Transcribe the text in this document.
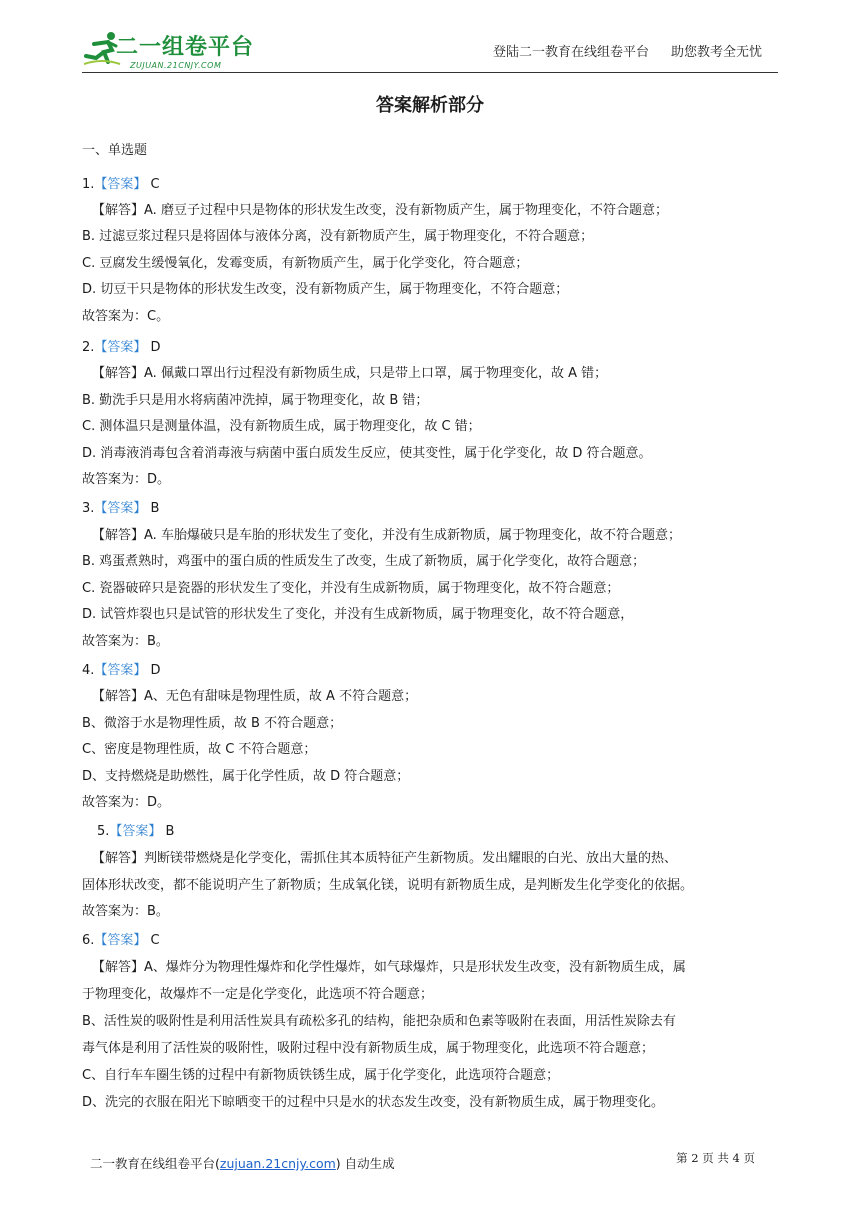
二一组卷平台
ZUJUAN.21CNJY.COM
登陆二一教育在线组卷平台 助您教考全无忧
答案解析部分
一、单选题
1.【答案】 C
【解答】A. 磨豆子过程中只是物体的形状发生改变，没有新物质产生，属于物理变化，不符合题意；
B. 过滤豆浆过程只是将固体与液体分离，没有新物质产生，属于物理变化，不符合题意；
C. 豆腐发生缓慢氧化，发霉变质，有新物质产生，属于化学变化，符合题意；
D. 切豆干只是物体的形状发生改变，没有新物质产生，属于物理变化，不符合题意；
故答案为：C。
2.【答案】 D
【解答】A. 佩戴口罩出行过程没有新物质生成，只是带上口罩，属于物理变化，故 A 错；
B. 勤洗手只是用水将病菌冲洗掉，属于物理变化，故 B 错；
C. 测体温只是测量体温，没有新物质生成，属于物理变化，故 C 错；
D. 消毒液消毒包含着消毒液与病菌中蛋白质发生反应，使其变性，属于化学变化，故 D 符合题意。
故答案为：D。
3.【答案】 B
【解答】A. 车胎爆破只是车胎的形状发生了变化，并没有生成新物质，属于物理变化，故不符合题意；
B. 鸡蛋煮熟时，鸡蛋中的蛋白质的性质发生了改变，生成了新物质，属于化学变化，故符合题意；
C. 瓷器破碎只是瓷器的形状发生了变化，并没有生成新物质，属于物理变化，故不符合题意；
D. 试管炸裂也只是试管的形状发生了变化，并没有生成新物质，属于物理变化，故不符合题意，
故答案为：B。
4.【答案】 D
【解答】A、无色有甜味是物理性质，故 A 不符合题意；
B、微溶于水是物理性质，故 B 不符合题意；
C、密度是物理性质，故 C 不符合题意；
D、支持燃烧是助燃性，属于化学性质，故 D 符合题意；
故答案为：D。
5.【答案】 B
【解答】判断镁带燃烧是化学变化，需抓住其本质特征产生新物质。发出耀眼的白光、放出大量的热、
固体形状改变，都不能说明产生了新物质；生成氧化镁，说明有新物质生成，是判断发生化学变化的依据。
故答案为：B。
6.【答案】 C
【解答】A、爆炸分为物理性爆炸和化学性爆炸，如气球爆炸，只是形状发生改变，没有新物质生成，属
于物理变化，故爆炸不一定是化学变化，此选项不符合题意；
B、活性炭的吸附性是利用活性炭具有疏松多孔的结构，能把杂质和色素等吸附在表面，用活性炭除去有
毒气体是利用了活性炭的吸附性，吸附过程中没有新物质生成，属于物理变化，此选项不符合题意；
C、自行车车圈生锈的过程中有新物质铁锈生成，属于化学变化，此选项符合题意；
D、洗完的衣服在阳光下晾晒变干的过程中只是水的状态发生改变，没有新物质生成，属于物理变化。
二一教育在线组卷平台(zujuan.21cnjy.com) 自动生成	第 2 页 共 4 页
